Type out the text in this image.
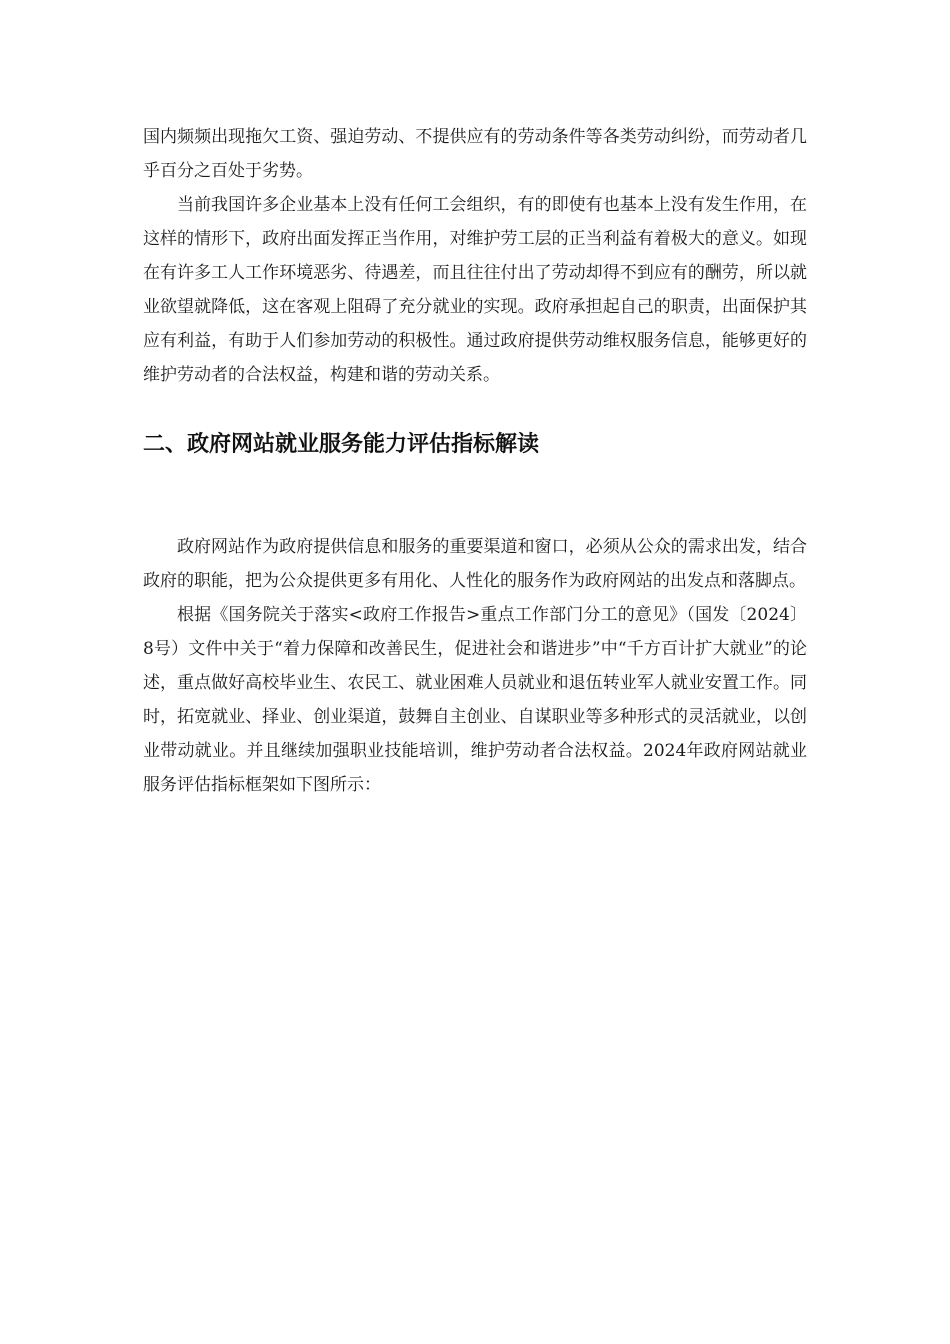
国内频频出现拖欠工资、强迫劳动、不提供应有的劳动条件等各类劳动纠纷，而劳动者几乎百分之百处于劣势。

当前我国许多企业基本上没有任何工会组织，有的即使有也基本上没有发生作用，在这样的情形下，政府出面发挥正当作用，对维护劳工层的正当利益有着极大的意义。如现在有许多工人工作环境恶劣、待遇差，而且往往付出了劳动却得不到应有的酬劳，所以就业欲望就降低，这在客观上阻碍了充分就业的实现。政府承担起自己的职责，出面保护其应有利益，有助于人们参加劳动的积极性。通过政府提供劳动维权服务信息，能够更好的维护劳动者的合法权益，构建和谐的劳动关系。

二、政府网站就业服务能力评估指标解读

政府网站作为政府提供信息和服务的重要渠道和窗口，必须从公众的需求出发，结合政府的职能，把为公众提供更多有用化、人性化的服务作为政府网站的出发点和落脚点。

根据《国务院关于落实<政府工作报告>重点工作部门分工的意见》（国发〔2024〕8号）文件中关于“着力保障和改善民生，促进社会和谐进步”中“千方百计扩大就业”的论述，重点做好高校毕业生、农民工、就业困难人员就业和退伍转业军人就业安置工作。同时，拓宽就业、择业、创业渠道，鼓舞自主创业、自谋职业等多种形式的灵活就业，以创业带动就业。并且继续加强职业技能培训，维护劳动者合法权益。2024年政府网站就业服务评估指标框架如下图所示：
